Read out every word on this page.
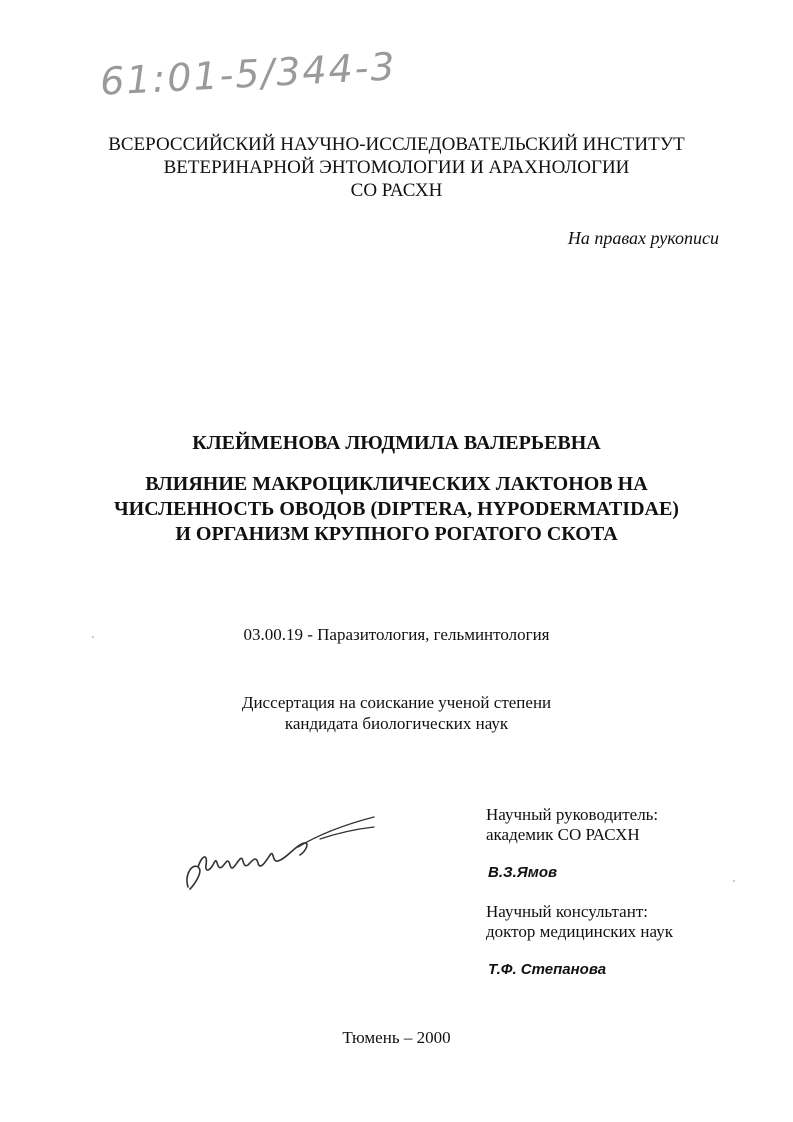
61:01-5/344-3
ВСЕРОССИЙСКИЙ НАУЧНО-ИССЛЕДОВАТЕЛЬСКИЙ ИНСТИТУТ
ВЕТЕРИНАРНОЙ ЭНТОМОЛОГИИ И АРАХНОЛОГИИ
СО РАСХН
На правах рукописи
КЛЕЙМЕНОВА ЛЮДМИЛА ВАЛЕРЬЕВНА
ВЛИЯНИЕ МАКРОЦИКЛИЧЕСКИХ ЛАКТОНОВ НА
ЧИСЛЕННОСТЬ ОВОДОВ (DIPTERA, HYPODERMATIDAE)
И ОРГАНИЗМ КРУПНОГО РОГАТОГО СКОТА
03.00.19 - Паразитология, гельминтология
Диссертация на соискание ученой степени
кандидата биологических наук
Научный руководитель:
академик СО РАСХН
В.З.Ямов
Научный консультант:
доктор медицинских наук
Т.Ф. Степанова
Тюмень – 2000
